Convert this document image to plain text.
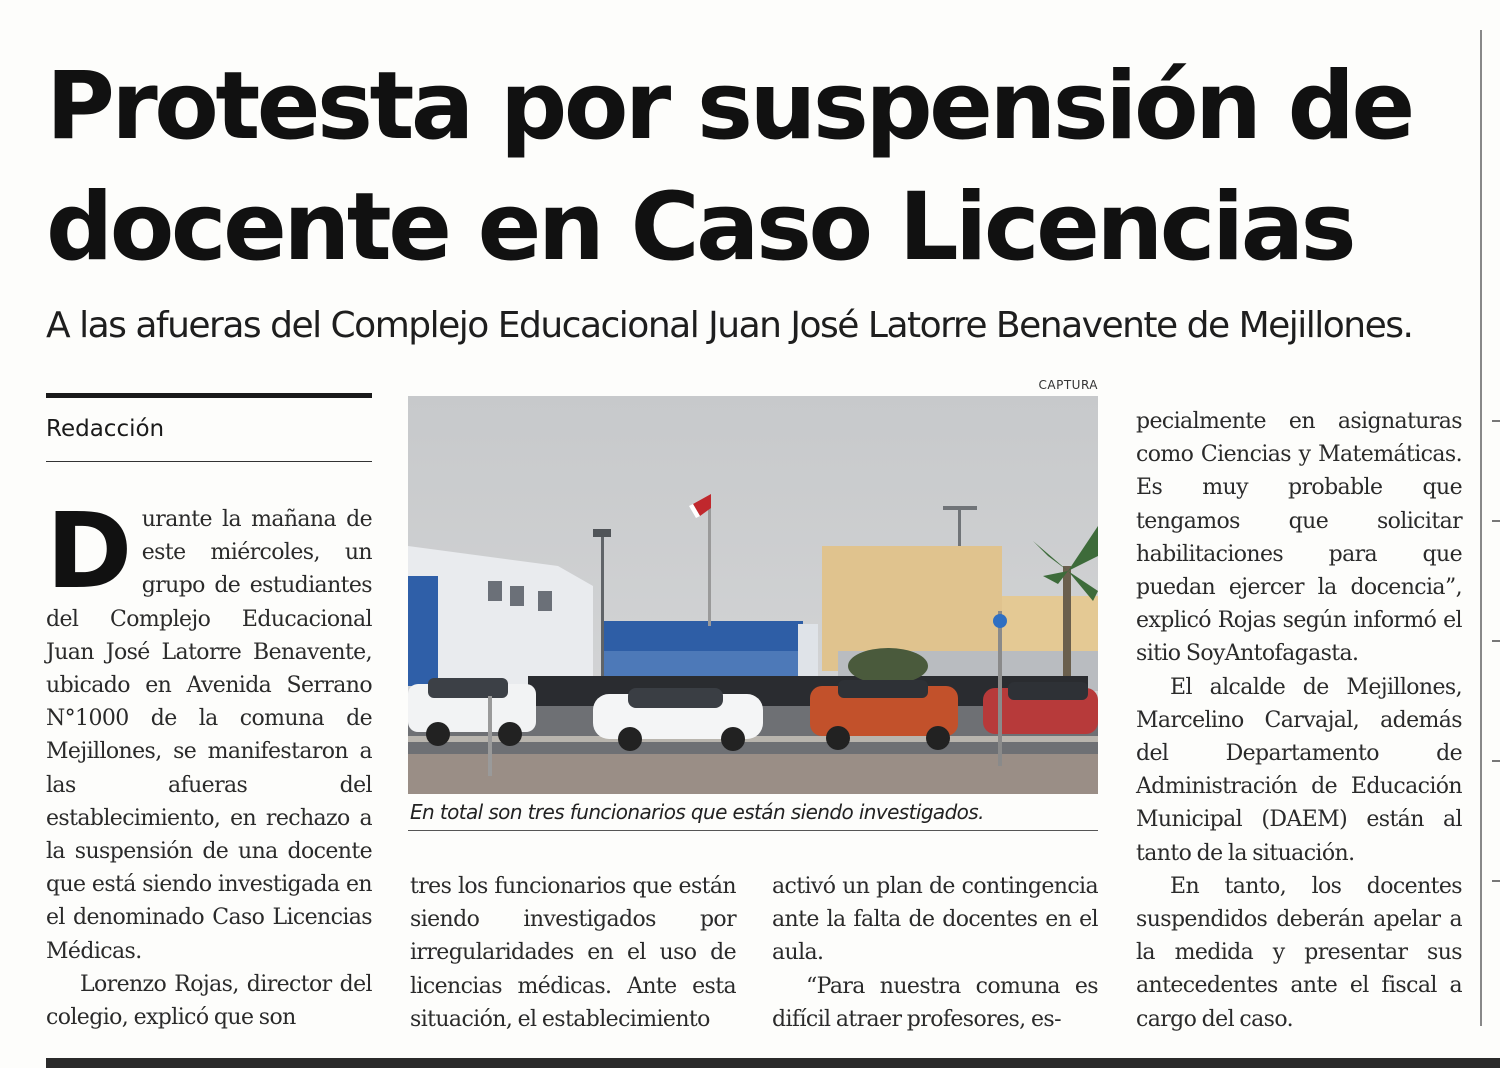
Protesta por suspensión de docente en Caso Licencias
A las afueras del Complejo Educacional Juan José Latorre Benavente de Mejillones.

Redacción

D urante la mañana de este miércoles, un grupo de estudiantes del Complejo Educacional Juan José Latorre Benavente, ubicado en Avenida Serrano N°1000 de la comuna de Mejillones, se manifestaron a las afueras del establecimiento, en rechazo a la suspensión de una docente que está siendo investigada en el denominado Caso Licencias Médicas.

Lorenzo Rojas, director del colegio, explicó que son

CAPTURA

En total son tres funcionarios que están siendo investigados.

tres los funcionarios que están siendo investigados por irregularidades en el uso de licencias médicas. Ante esta situación, el establecimiento

activó un plan de contingencia ante la falta de docentes en el aula.

“Para nuestra comuna es difícil atraer profesores, es-

pecialmente en asignaturas como Ciencias y Matemáticas. Es muy probable que tengamos que solicitar habilitaciones para que puedan ejercer la docencia”, explicó Rojas según informó el sitio SoyAntofagasta.

El alcalde de Mejillones, Marcelino Carvajal, además del Departamento de Administración de Educación Municipal (DAEM) están al tanto de la situación.

En tanto, los docentes suspendidos deberán apelar a la medida y presentar sus antecedentes ante el fiscal a cargo del caso.
